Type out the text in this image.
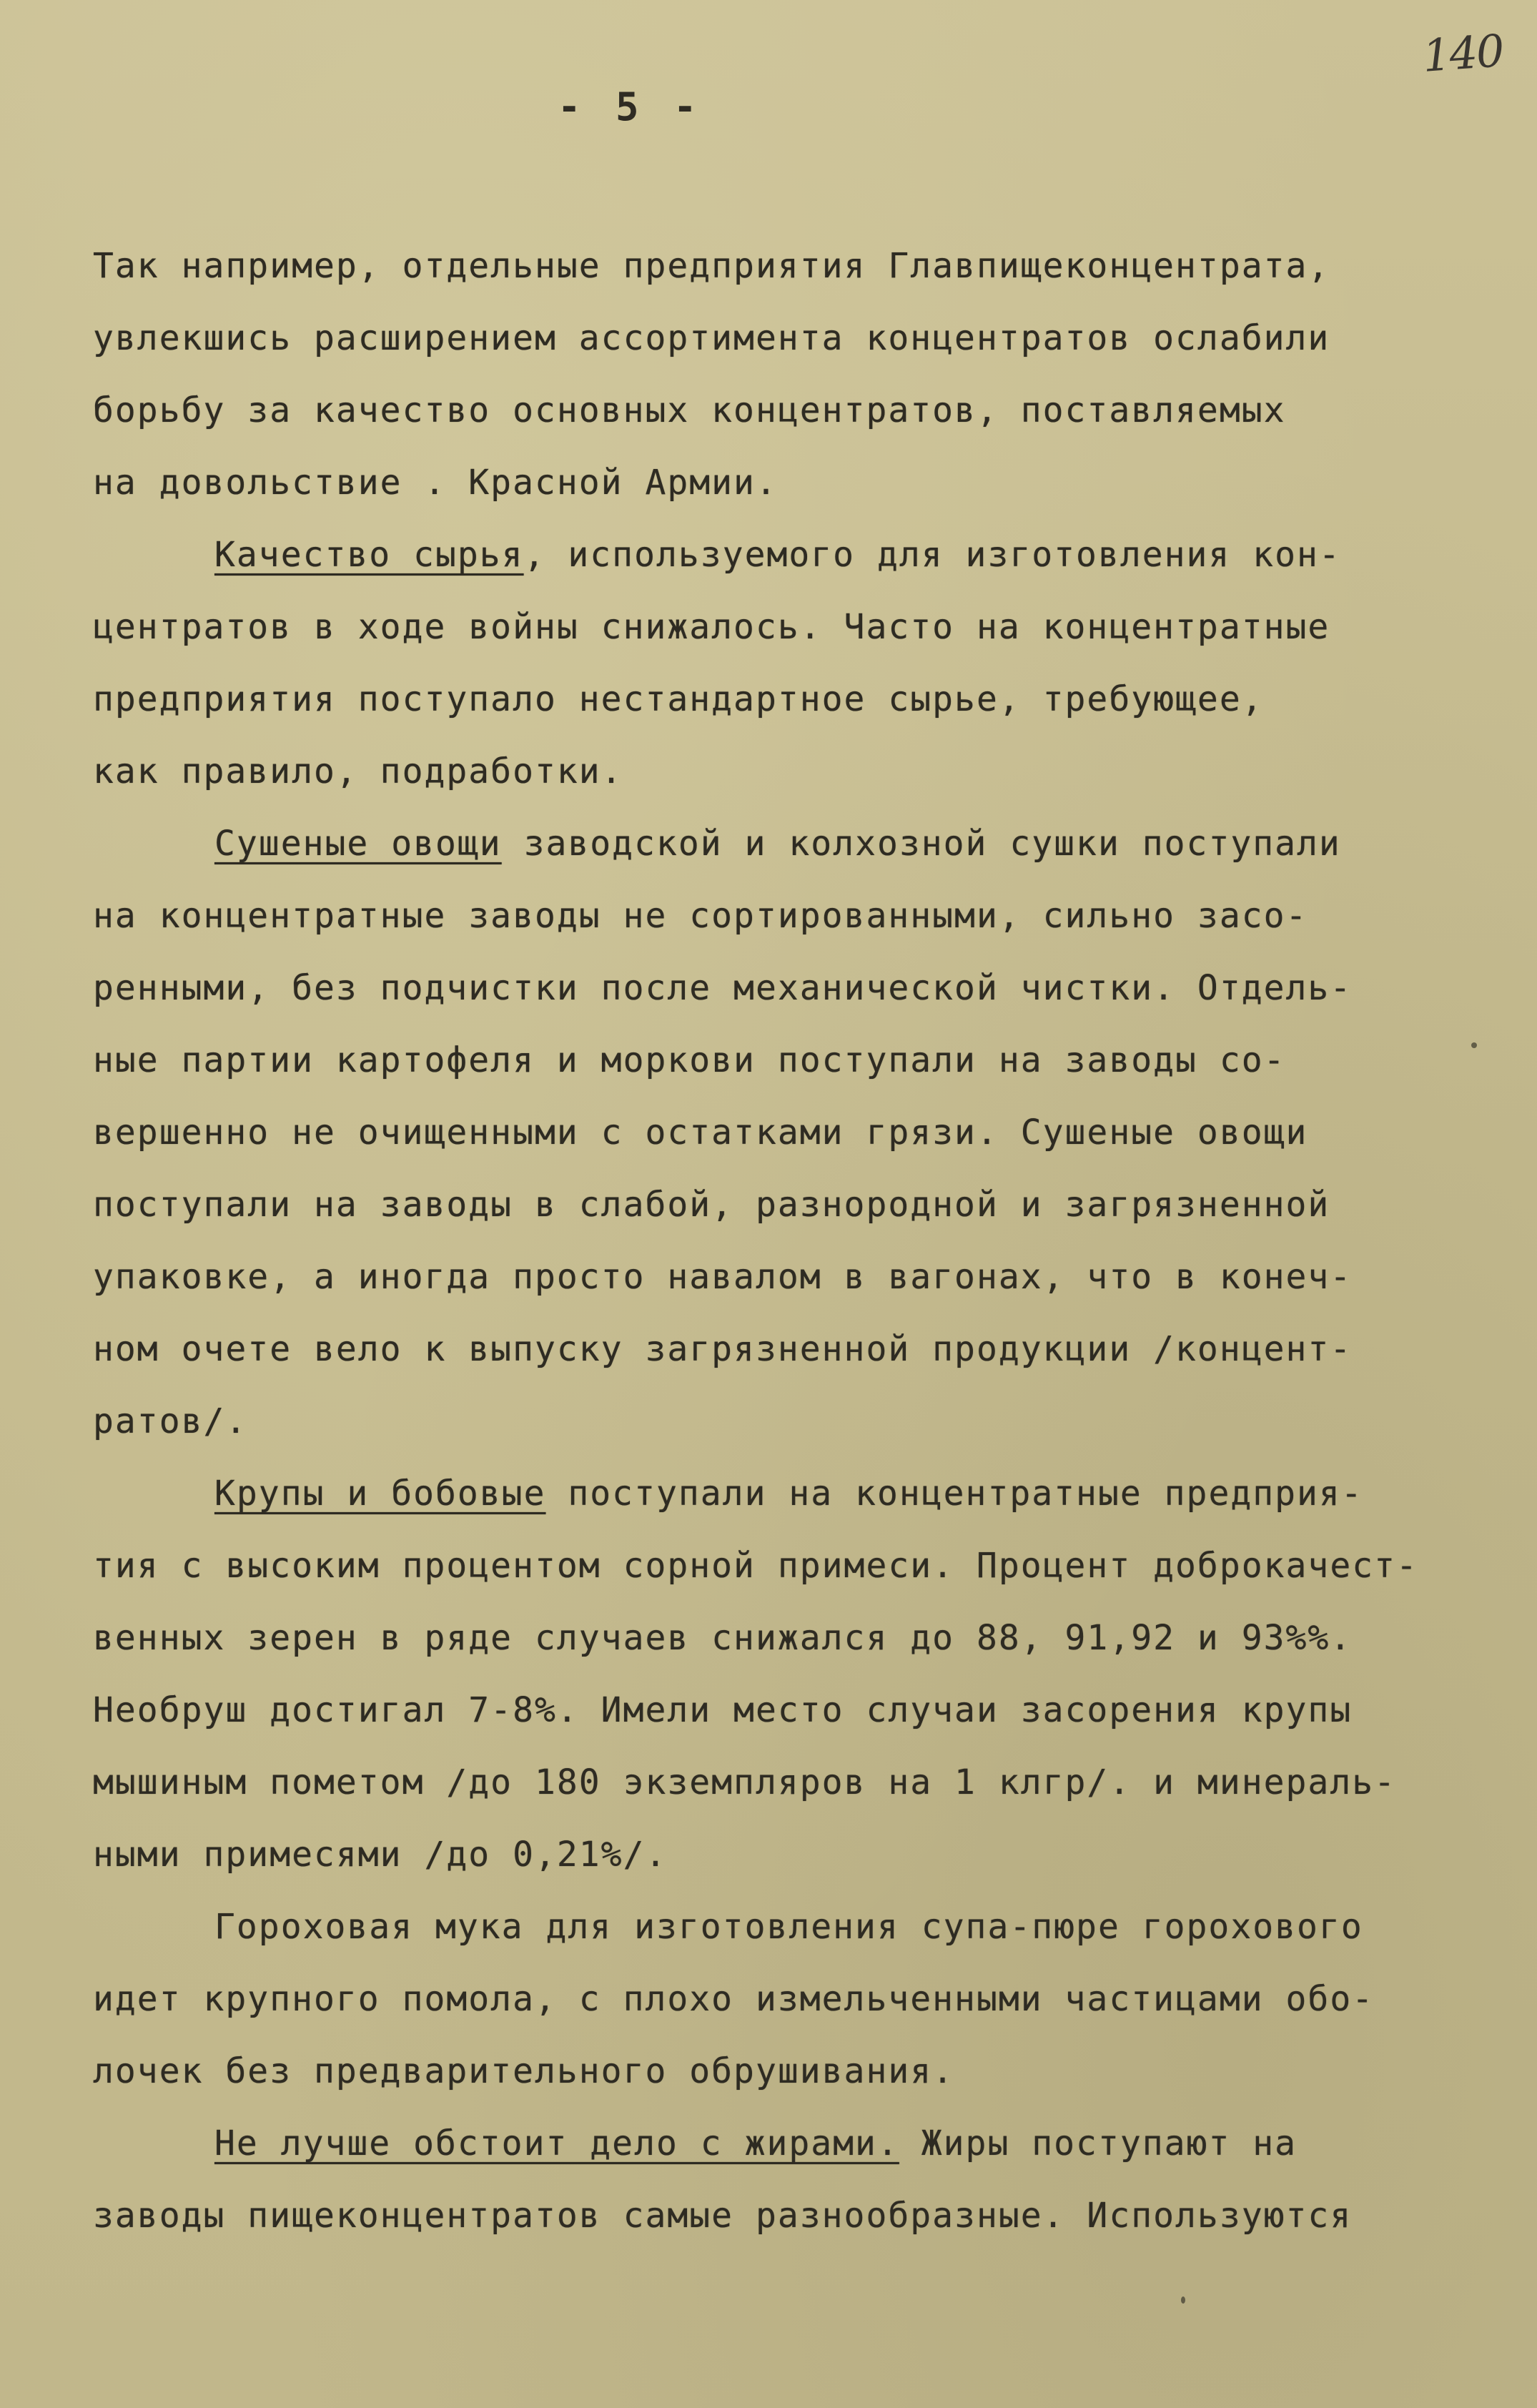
140
- 5 -
Так например, отдельные предприятия Главпищеконцентрата,
увлекшись расширением ассортимента концентратов ослабили
борьбу за качество основных концентратов, поставляемых
на довольствие . Красной Армии.
Качество сырья, используемого для изготовления кон-
центратов в ходе войны снижалось. Часто на концентратные
предприятия поступало нестандартное сырье, требующее,
как правило, подработки.
Сушеные овощи заводской и колхозной сушки поступали
на концентратные заводы не сортированными, сильно засо-
ренными, без подчистки после механической чистки. Отдель-
ные партии картофеля и моркови поступали на заводы со-
вершенно не очищенными с остатками грязи. Сушеные овощи
поступали на заводы в слабой, разнородной и загрязненной
упаковке, а иногда просто навалом в вагонах, что в конеч-
ном очете вело к выпуску загрязненной продукции /концент-
ратов/.
Крупы и бобовые поступали на концентратные предприя-
тия с высоким процентом сорной примеси. Процент доброкачест-
венных зерен в ряде случаев снижался до 88, 91,92 и 93%%.
Необруш достигал 7-8%. Имели место случаи засорения крупы
мышиным пометом /до 180 экземпляров на 1 клгр/. и минераль-
ными примесями /до 0,21%/.
Гороховая мука для изготовления супа-пюре горохового
идет крупного помола, с плохо измельченными частицами обо-
лочек без предварительного обрушивания.
Не лучше обстоит дело с жирами. Жиры поступают на
заводы пищеконцентратов самые разнообразные. Используются
